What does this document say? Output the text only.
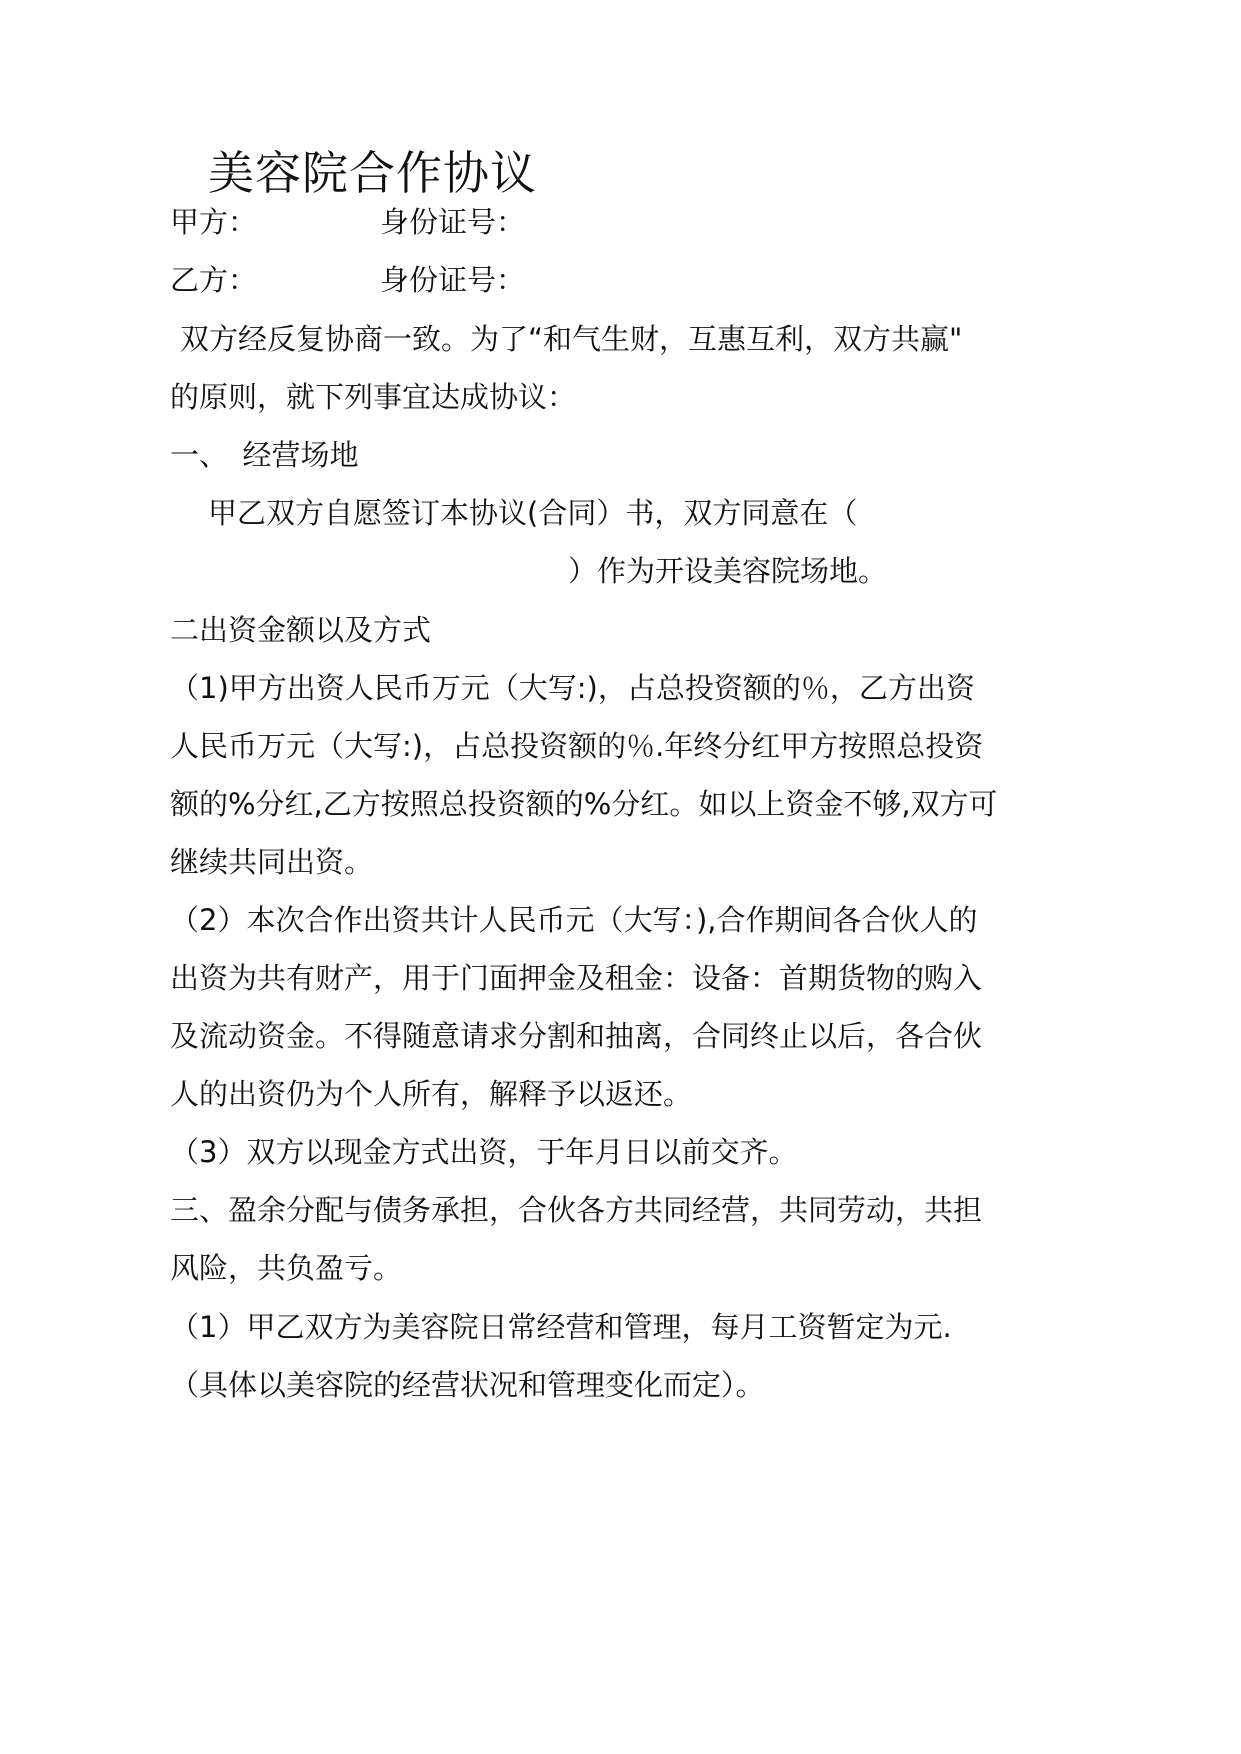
美容院合作协议
甲方：	身份证号：
乙方：	身份证号：

双方经反复协商一致。为了“和气生财，互惠互利，双方共赢"

的原则，就下列事宜达成协议：

一、　经营场地

甲乙双方自愿签订本协议(合同）书，双方同意在（

）作为开设美容院场地。

二出资金额以及方式

（1)甲方出资人民币万元（大写:)，占总投资额的％，乙方出资

人民币万元（大写:)，占总投资额的％.年终分红甲方按照总投资

额的%分红,乙方按照总投资额的%分红。如以上资金不够,双方可

继续共同出资。

（2）本次合作出资共计人民币元（大写：),合作期间各合伙人的

出资为共有财产，用于门面押金及租金：设备：首期货物的购入

及流动资金。不得随意请求分割和抽离，合同终止以后，各合伙

人的出资仍为个人所有，解释予以返还。

（3）双方以现金方式出资，于年月日以前交齐。

三、盈余分配与债务承担，合伙各方共同经营，共同劳动，共担

风险，共负盈亏。

（1）甲乙双方为美容院日常经营和管理，每月工资暂定为元.

（具体以美容院的经营状况和管理变化而定）。
